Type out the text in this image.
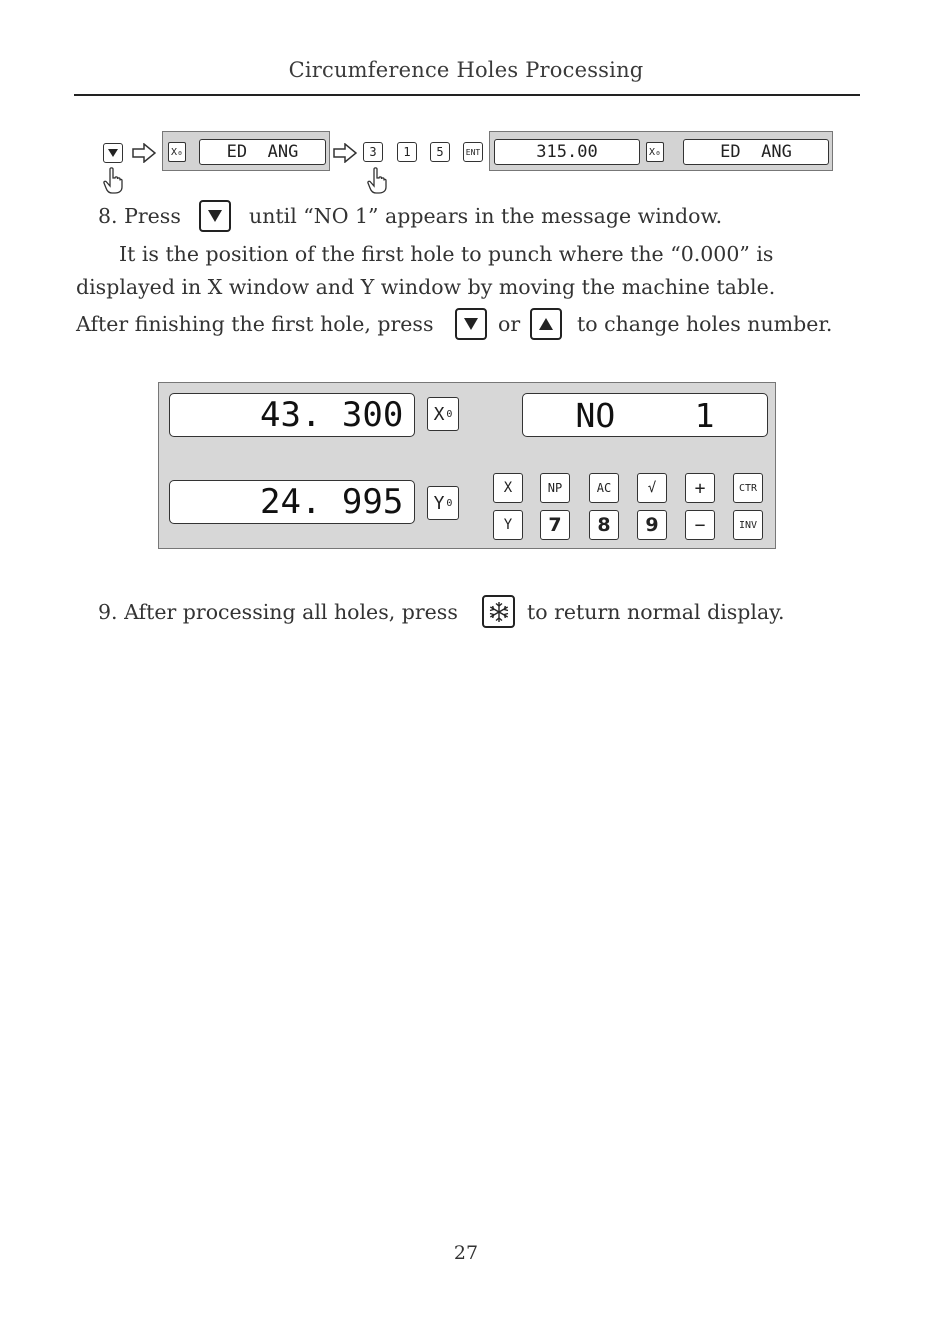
Circumference Holes Processing
X₀	ED  ANG	3	1	5	ENT	315.00	X₀	ED  ANG
8. Press	until “NO 1” appears in the message window.
It is the position of the first hole to punch where the “0.000” is
displayed in X window and Y window by moving the machine table.
After finishing the first hole, press	or	to change holes number.
43. 300	X 0	NO    1
24. 995	Y 0
X	NP	AC	√	+	CTR
Y	7	8	9	−	INV
9. After processing all holes, press	to return normal display.
27
